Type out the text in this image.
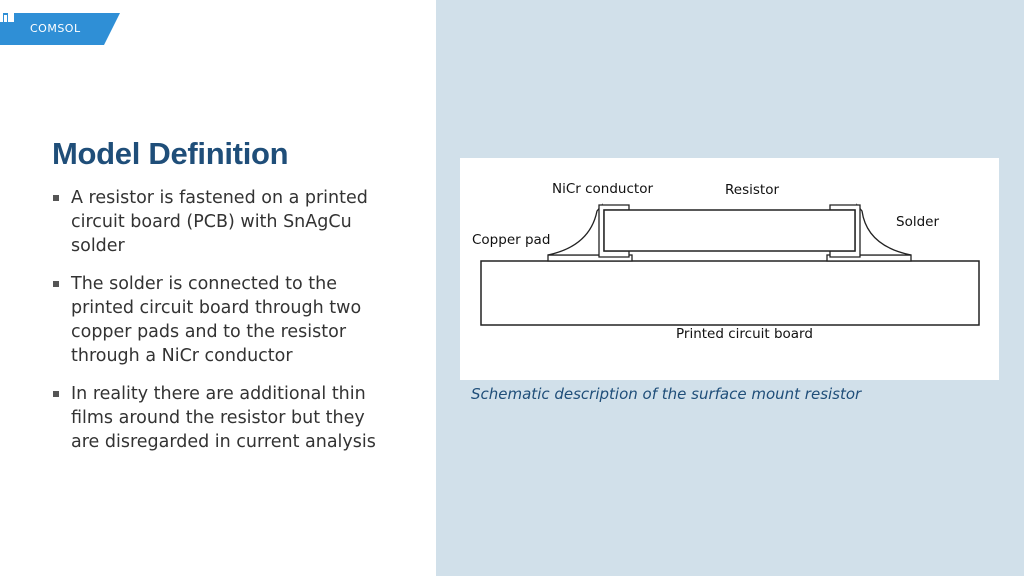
COMSOL
Model Definition
A resistor is fastened on a printed circuit board (PCB) with SnAgCu solder
The solder is connected to the printed circuit board through two copper pads and to the resistor through a NiCr conductor
In reality there are additional thin films around the resistor but they are disregarded in current analysis
NiCr conductor	Resistor
Solder
Copper pad
Printed circuit board

Schematic description of the surface mount resistor
